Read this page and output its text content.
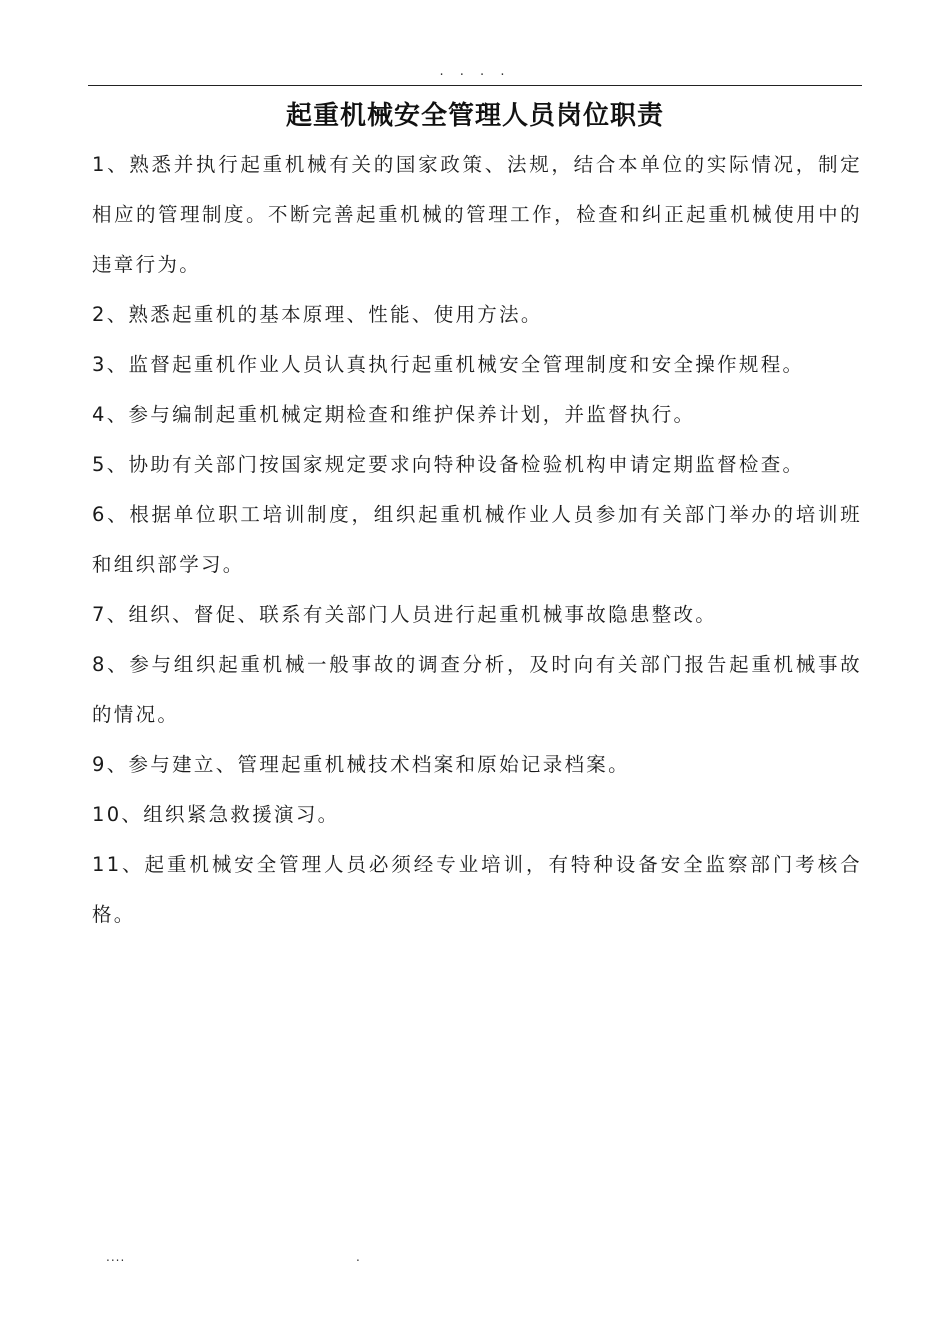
. . . .
起重机械安全管理人员岗位职责

1、熟悉并执行起重机械有关的国家政策、法规，结合本单位的实际情况，制定相应的管理制度。不断完善起重机械的管理工作，检查和纠正起重机械使用中的违章行为。

2、熟悉起重机的基本原理、性能、使用方法。

3、监督起重机作业人员认真执行起重机械安全管理制度和安全操作规程。

4、参与编制起重机械定期检查和维护保养计划，并监督执行。

5、协助有关部门按国家规定要求向特种设备检验机构申请定期监督检查。

6、根据单位职工培训制度，组织起重机械作业人员参加有关部门举办的培训班和组织部学习。

7、组织、督促、联系有关部门人员进行起重机械事故隐患整改。

8、参与组织起重机械一般事故的调查分析，及时向有关部门报告起重机械事故的情况。

9、参与建立、管理起重机械技术档案和原始记录档案。

10、组织紧急救援演习。

11、起重机械安全管理人员必须经专业培训，有特种设备安全监察部门考核合格。

....	.
